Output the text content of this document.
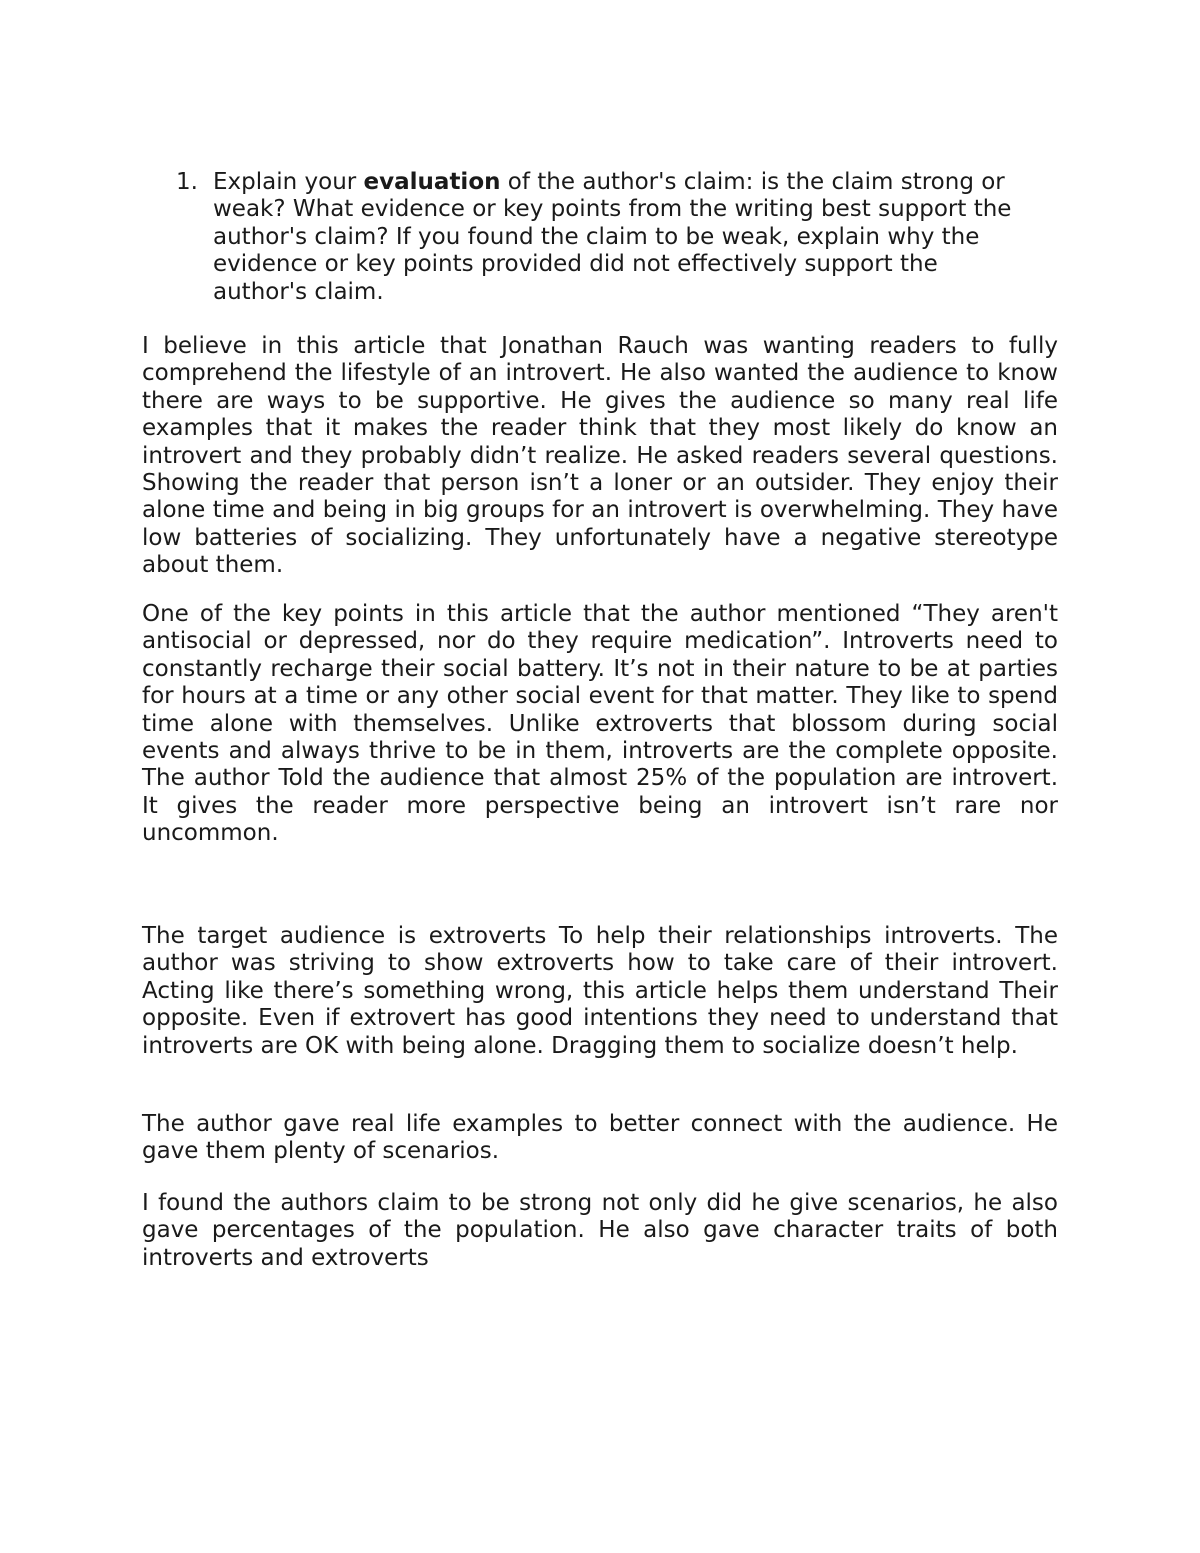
1. Explain your evaluation of the author's claim: is the claim strong or weak? What evidence or key points from the writing best support the author's claim? If you found the claim to be weak, explain why the evidence or key points provided did not effectively support the author's claim.

I believe in this article that Jonathan Rauch was wanting readers to fully comprehend the lifestyle of an introvert. He also wanted the audience to know there are ways to be supportive. He gives the audience so many real life examples that it makes the reader think that they most likely do know an introvert and they probably didn’t realize. He asked readers several questions. Showing the reader that person isn’t a loner or an outsider. They enjoy their alone time and being in big groups for an introvert is overwhelming. They have low batteries of socializing. They unfortunately have a negative stereotype about them.

One of the key points in this article that the author mentioned “They aren't antisocial or depressed, nor do they require medication”. Introverts need to constantly recharge their social battery. It’s not in their nature to be at parties for hours at a time or any other social event for that matter. They like to spend time alone with themselves. Unlike extroverts that blossom during social events and always thrive to be in them, introverts are the complete opposite. The author Told the audience that almost 25% of the population are introvert. It gives the reader more perspective being an introvert isn’t rare nor uncommon.

The target audience is extroverts To help their relationships introverts. The author was striving to show extroverts how to take care of their introvert. Acting like there’s something wrong, this article helps them understand Their opposite. Even if extrovert has good intentions they need to understand that introverts are OK with being alone. Dragging them to socialize doesn’t help.

The author gave real life examples to better connect with the audience. He gave them plenty of scenarios.

I found the authors claim to be strong not only did he give scenarios, he also gave percentages of the population. He also gave character traits of both introverts and extroverts
